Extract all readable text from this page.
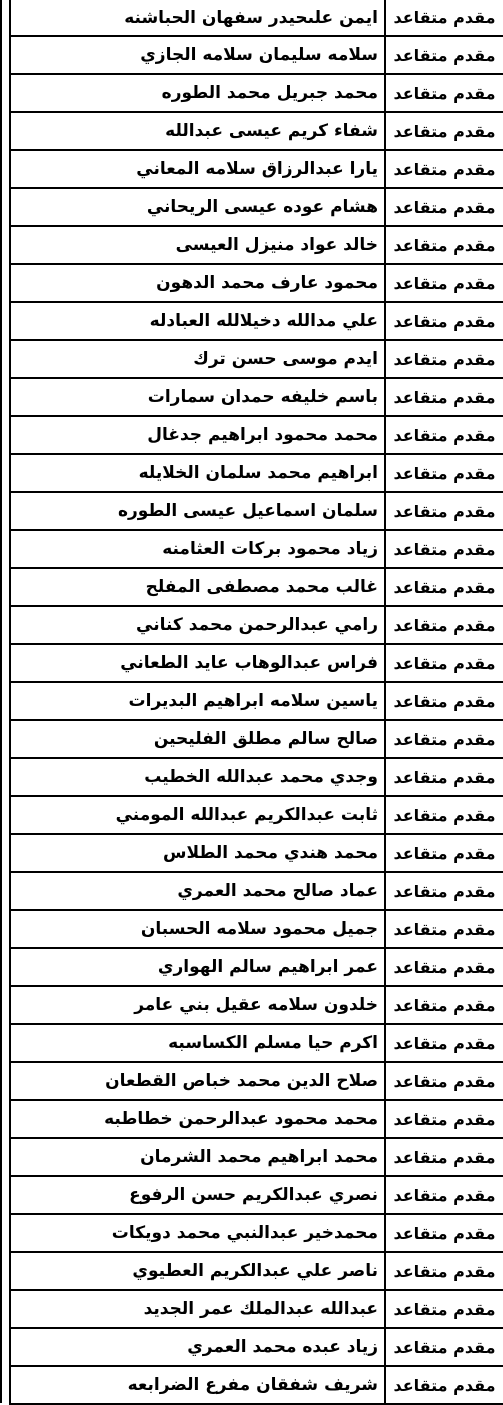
مقدم متقاعد
ايمن علىحيدر سفهان الحباشنه
مقدم متقاعد
سلامه سليمان سلامه الجازي
مقدم متقاعد
محمد جبريل محمد الطوره
مقدم متقاعد
شفاء كريم عيسى عبدالله
مقدم متقاعد
يارا عبدالرزاق سلامه المعاني
مقدم متقاعد
هشام عوده عيسى الريحاني
مقدم متقاعد
خالد عواد منيزل العيسى
مقدم متقاعد
محمود عارف محمد الدهون
مقدم متقاعد
علي مدالله دخيلالله العبادله
مقدم متقاعد
ايدم موسى حسن ترك
مقدم متقاعد
باسم خليفه حمدان سمارات
مقدم متقاعد
محمد محمود ابراهيم جدغال
مقدم متقاعد
ابراهيم محمد سلمان الخلايله
مقدم متقاعد
سلمان اسماعيل عيسى الطوره
مقدم متقاعد
زياد محمود بركات العثامنه
مقدم متقاعد
غالب محمد مصطفى المفلح
مقدم متقاعد
رامي عبدالرحمن محمد كناني
مقدم متقاعد
فراس عبدالوهاب عايد الطعاني
مقدم متقاعد
ياسين سلامه ابراهيم البديرات
مقدم متقاعد
صالح سالم مطلق الفليحين
مقدم متقاعد
وجدي محمد عبدالله الخطيب
مقدم متقاعد
ثابت عبدالكريم عبدالله المومني
مقدم متقاعد
محمد هندي محمد الطلاس
مقدم متقاعد
عماد صالح محمد العمري
مقدم متقاعد
جميل محمود سلامه الحسبان
مقدم متقاعد
عمر ابراهيم سالم الهواري
مقدم متقاعد
خلدون سلامه عقيل بني عامر
مقدم متقاعد
اكرم حيا مسلم الكساسبه
مقدم متقاعد
صلاح الدين محمد خباص القطعان
مقدم متقاعد
محمد محمود عبدالرحمن خطاطبه
مقدم متقاعد
محمد ابراهيم محمد الشرمان
مقدم متقاعد
نصري عبدالكريم حسن الرفوع
مقدم متقاعد
محمدخير عبدالنبي محمد دويكات
مقدم متقاعد
ناصر علي عبدالكريم العطيوي
مقدم متقاعد
عبدالله عبدالملك عمر الجديد
مقدم متقاعد
زياد عبده محمد العمري
مقدم متقاعد
شريف شفقان مفرع الضرابعه
